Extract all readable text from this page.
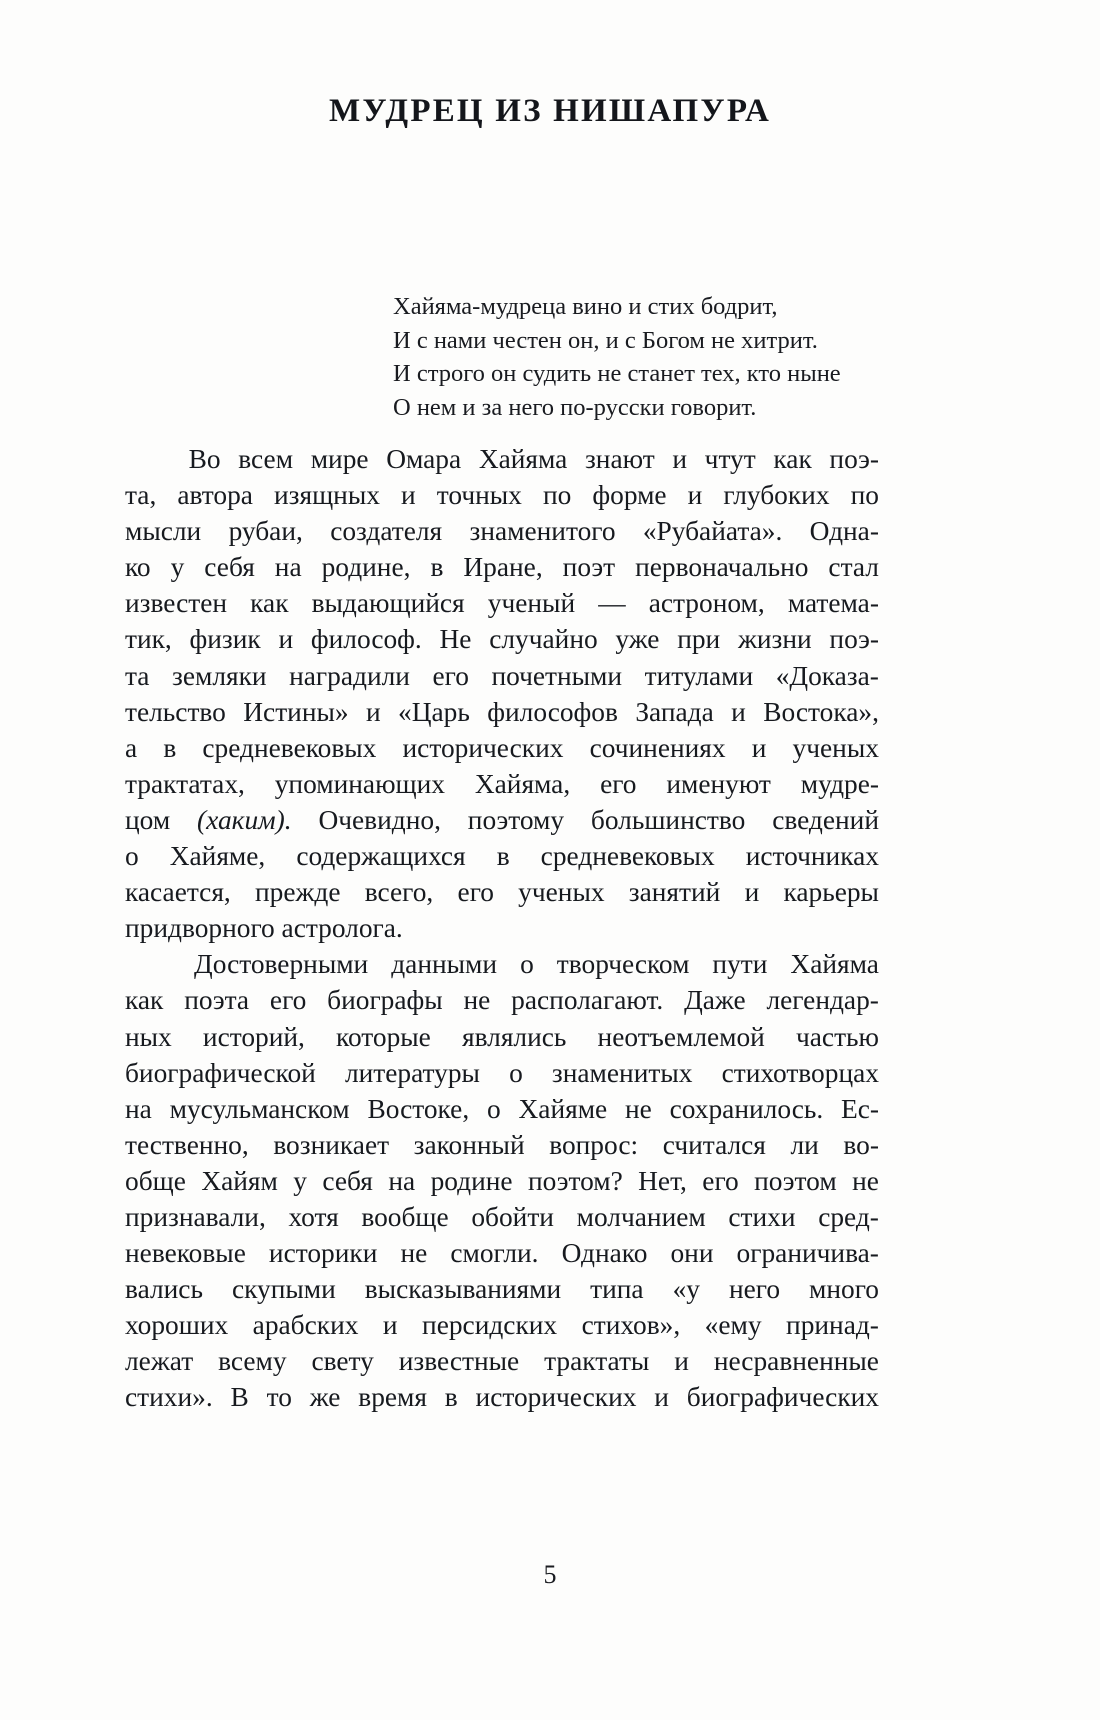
МУДРЕЦ ИЗ НИШАПУРА
Хайяма-мудреца вино и стих бодрит,
И с нами честен он, и с Богом не хитрит.
И строго он судить не станет тех, кто ныне
О нем и за него по-русски говорит.
Во всем мире Омара Хайяма знают и чтут как поэ-
та, автора изящных и точных по форме и глубоких по
мысли рубаи, создателя знаменитого «Рубайата». Одна-
ко у себя на родине, в Иране, поэт первоначально стал
известен как выдающийся ученый — астроном, матема-
тик, физик и философ. Не случайно уже при жизни поэ-
та земляки наградили его почетными титулами «Доказа-
тельство Истины» и «Царь философов Запада и Востока»,
а в средневековых исторических сочинениях и ученых
трактатах, упоминающих Хайяма, его именуют мудре-
цом (хаким). Очевидно, поэтому большинство сведений
о Хайяме, содержащихся в средневековых источниках
касается, прежде всего, его ученых занятий и карьеры
придворного астролога.
Достоверными данными о творческом пути Хайяма
как поэта его биографы не располагают. Даже легендар-
ных историй, которые являлись неотъемлемой частью
биографической литературы о знаменитых стихотворцах
на мусульманском Востоке, о Хайяме не сохранилось. Ес-
тественно, возникает законный вопрос: считался ли во-
обще Хайям у себя на родине поэтом? Нет, его поэтом не
признавали, хотя вообще обойти молчанием стихи сред-
невековые историки не смогли. Однако они ограничива-
вались скупыми высказываниями типа «у него много
хороших арабских и персидских стихов», «ему принад-
лежат всему свету известные трактаты и несравненные
стихи». В то же время в исторических и биографических
5
